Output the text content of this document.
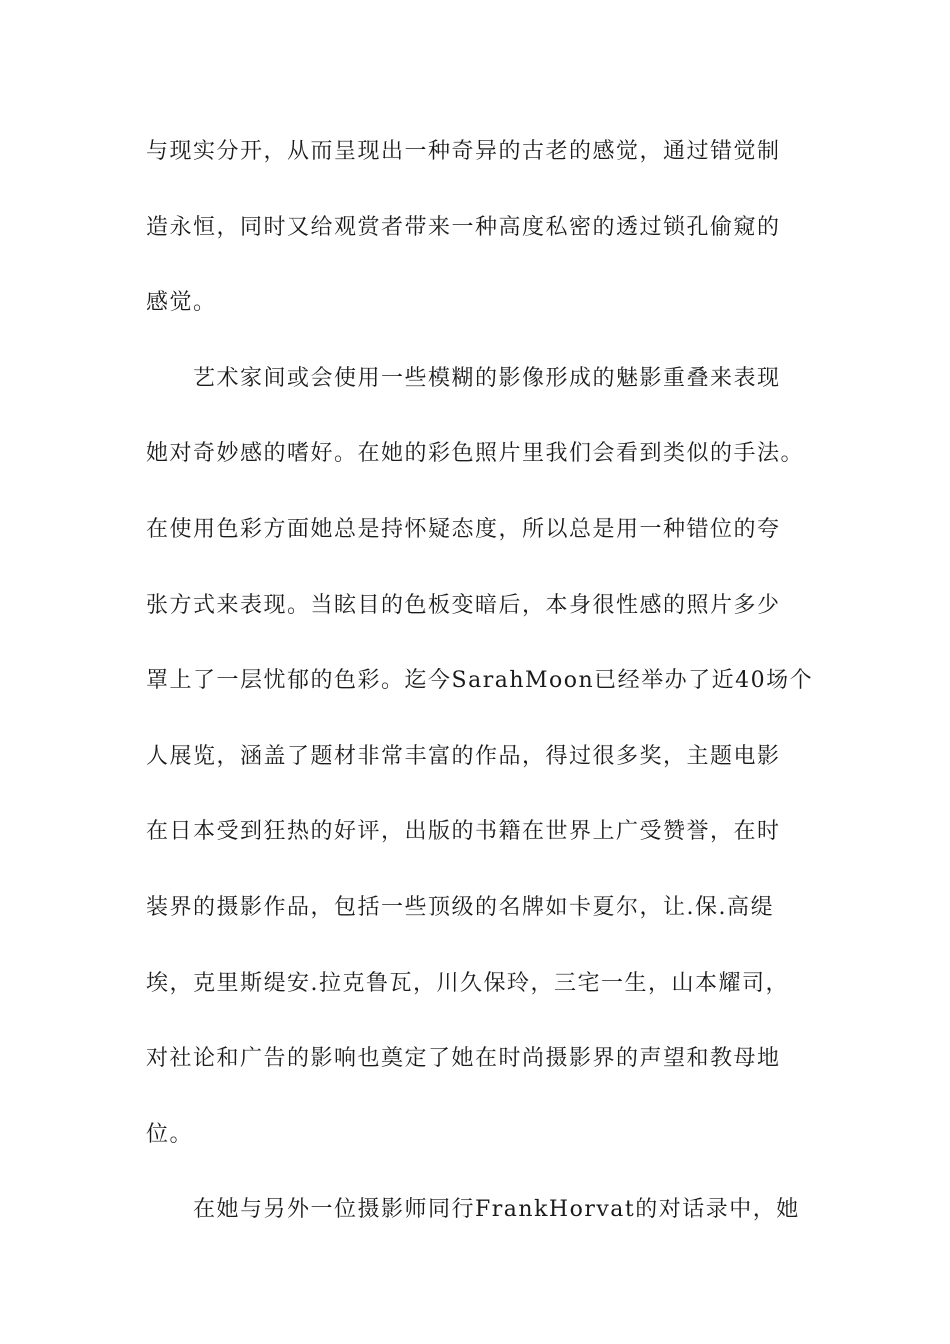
与现实分开，从而呈现出一种奇异的古老的感觉，通过错觉制
造永恒，同时又给观赏者带来一种高度私密的透过锁孔偷窥的
感觉。
艺术家间或会使用一些模糊的影像形成的魅影重叠来表现
她对奇妙感的嗜好。在她的彩色照片里我们会看到类似的手法。
在使用色彩方面她总是持怀疑态度，所以总是用一种错位的夸
张方式来表现。当眩目的色板变暗后，本身很性感的照片多少
罩上了一层忧郁的色彩。迄今SarahMoon已经举办了近40场个
人展览，涵盖了题材非常丰富的作品，得过很多奖，主题电影
在日本受到狂热的好评，出版的书籍在世界上广受赞誉，在时
装界的摄影作品，包括一些顶级的名牌如卡夏尔，让.保.高缇
埃，克里斯缇安.拉克鲁瓦，川久保玲，三宅一生，山本耀司，
对社论和广告的影响也奠定了她在时尚摄影界的声望和教母地
位。
在她与另外一位摄影师同行FrankHorvat的对话录中，她
